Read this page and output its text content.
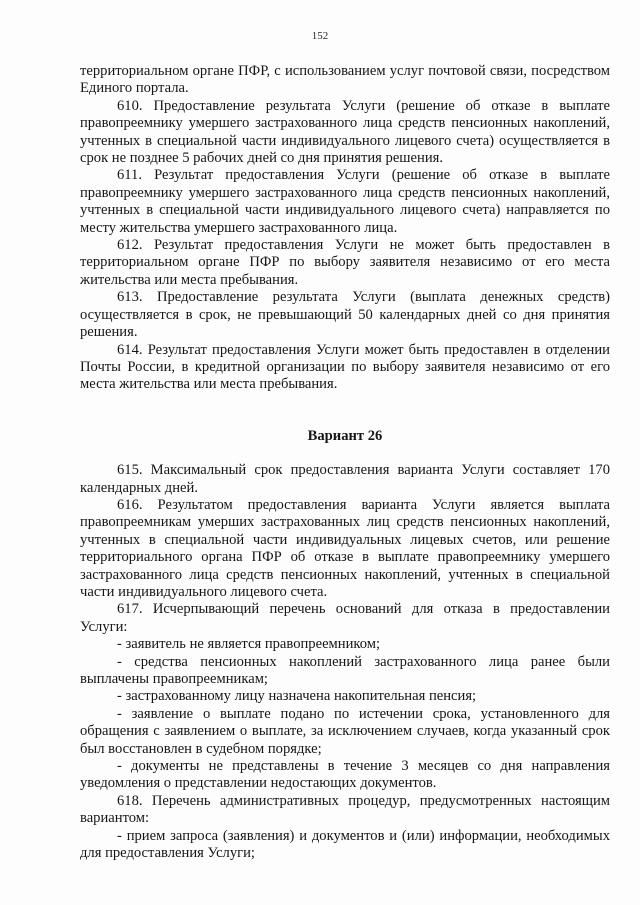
152

территориальном органе ПФР, с использованием услуг почтовой связи, посредством Единого портала.

610. Предоставление результата Услуги (решение об отказе в выплате правопреемнику умершего застрахованного лица средств пенсионных накоплений, учтенных в специальной части индивидуального лицевого счета) осуществляется в срок не позднее 5 рабочих дней со дня принятия решения.

611. Результат предоставления Услуги (решение об отказе в выплате правопреемнику умершего застрахованного лица средств пенсионных накоплений, учтенных в специальной части индивидуального лицевого счета) направляется по месту жительства умершего застрахованного лица.

612. Результат предоставления Услуги не может быть предоставлен в территориальном органе ПФР по выбору заявителя независимо от его места жительства или места пребывания.

613. Предоставление результата Услуги (выплата денежных средств) осуществляется в срок, не превышающий 50 календарных дней со дня принятия решения.

614. Результат предоставления Услуги может быть предоставлен в отделении Почты России, в кредитной организации по выбору заявителя независимо от его места жительства или места пребывания.

Вариант 26

615. Максимальный срок предоставления варианта Услуги составляет 170 календарных дней.

616. Результатом предоставления варианта Услуги является выплата правопреемникам умерших застрахованных лиц средств пенсионных накоплений, учтенных в специальной части индивидуальных лицевых счетов, или решение территориального органа ПФР об отказе в выплате правопреемнику умершего застрахованного лица средств пенсионных накоплений, учтенных в специальной части индивидуального лицевого счета.

617. Исчерпывающий перечень оснований для отказа в предоставлении Услуги:

- заявитель не является правопреемником;

- средства пенсионных накоплений застрахованного лица ранее были выплачены правопреемникам;

- застрахованному лицу назначена накопительная пенсия;

- заявление о выплате подано по истечении срока, установленного для обращения с заявлением о выплате, за исключением случаев, когда указанный срок был восстановлен в судебном порядке;

- документы не представлены в течение 3 месяцев со дня направления уведомления о представлении недостающих документов.

618. Перечень административных процедур, предусмотренных настоящим вариантом:

- прием запроса (заявления) и документов и (или) информации, необходимых для предоставления Услуги;
